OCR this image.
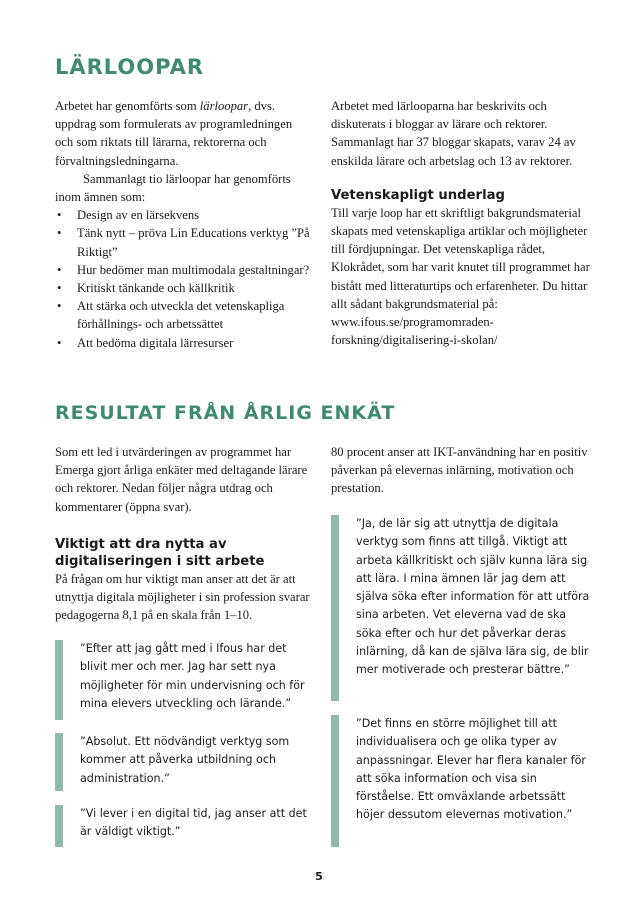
LÄRLOOPAR

Arbetet har genomförts som lärloopar, dvs. uppdrag som formulerats av programledningen och som riktats till lärarna, rektorerna och förvaltningsledningarna.

Sammanlagt tio lärloopar har genomförts inom ämnen som:

• Design av en lärsekvens
• Tänk nytt – pröva Lin Educations verktyg ”På Riktigt”
• Hur bedömer man multimodala gestaltningar?
• Kritiskt tänkande och källkritik
• Att stärka och utveckla det vetenskapliga förhållnings- och arbetssättet
• Att bedöma digitala lärresurser

Arbetet med lärlooparna har beskrivits och diskuterats i bloggar av lärare och rektorer. Sammanlagt har 37 bloggar skapats, varav 24 av enskilda lärare och arbetslag och 13 av rektorer.

Vetenskapligt underlag

Till varje loop har ett skriftligt bakgrundsmaterial skapats med vetenskapliga artiklar och möjligheter till fördjupningar. Det vetenskapliga rådet, Klokrådet, som har varit knutet till programmet har bistått med litteraturtips och erfarenheter. Du hittar allt sådant bakgrundsmaterial på: www.ifous.se/programomradenforskning/digitalisering-i-skolan/

RESULTAT FRÅN ÅRLIG ENKÄT

Som ett led i utvärderingen av programmet har Emerga gjort årliga enkäter med deltagande lärare och rektorer. Nedan följer några utdrag och kommentarer (öppna svar).

Viktigt att dra nytta av digitaliseringen i sitt arbete

På frågan om hur viktigt man anser att det är att utnyttja digitala möjligheter i sin profession svarar pedagogerna 8,1 på en skala från 1–10.

”Efter att jag gått med i Ifous har det blivit mer och mer. Jag har sett nya möjligheter för min undervisning och för mina elevers utveckling och lärande.”
”Absolut. Ett nödvändigt verktyg som kommer att påverka utbildning och administration.”
”Vi lever i en digital tid, jag anser att det är väldigt viktigt.”

80 procent anser att IKT-användning har en positiv påverkan på elevernas inlärning, motivation och prestation.

”Ja, de lär sig att utnyttja de digitala verktyg som finns att tillgå. Viktigt att arbeta källkritiskt och själv kunna lära sig att lära. I mina ämnen lär jag dem att själva söka efter information för att utföra sina arbeten. Vet eleverna vad de ska söka efter och hur det påverkar deras inlärning, då kan de själva lära sig, de blir mer motiverade och presterar bättre.”
”Det finns en större möjlighet till att individualisera och ge olika typer av anpassningar. Elever har flera kanaler för att söka information och visa sin förståelse. Ett omväxlande arbetssätt höjer dessutom elevernas motivation.”
5
